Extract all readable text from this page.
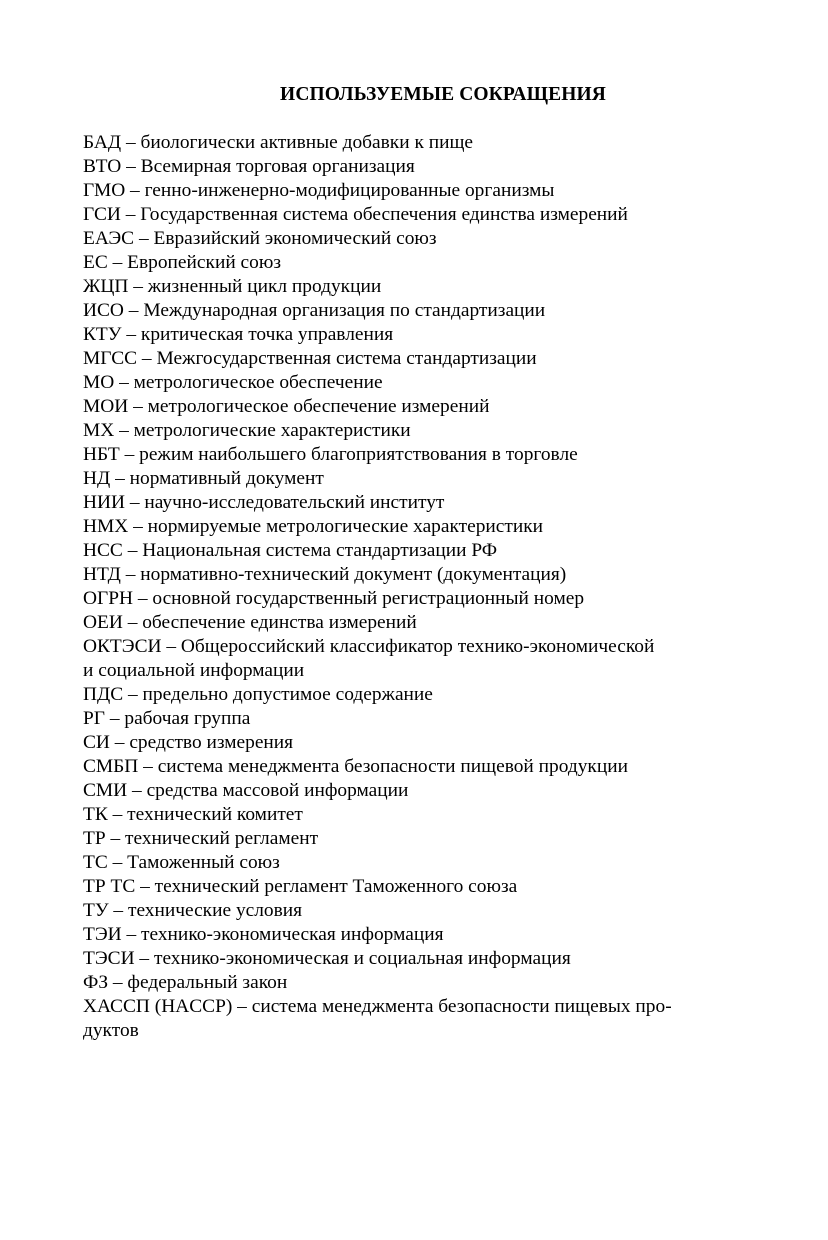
ИСПОЛЬЗУЕМЫЕ СОКРАЩЕНИЯ
БАД – биологически активные добавки к пище
ВТО – Всемирная торговая организация
ГМО – генно-инженерно-модифицированные организмы
ГСИ – Государственная система обеспечения единства измерений
ЕАЭС – Евразийский экономический союз
ЕС – Европейский союз
ЖЦП – жизненный цикл продукции
ИСО – Международная организация по стандартизации
КТУ – критическая точка управления
МГСС – Межгосударственная система стандартизации
МО – метрологическое обеспечение
МОИ – метрологическое обеспечение измерений
МХ – метрологические характеристики
НБТ – режим наибольшего благоприятствования в торговле
НД – нормативный документ
НИИ – научно-исследовательский институт
НМХ – нормируемые метрологические характеристики
НСС – Национальная система стандартизации РФ
НТД – нормативно-технический документ (документация)
ОГРН – основной государственный регистрационный номер
ОЕИ – обеспечение единства измерений
ОКТЭСИ – Общероссийский классификатор технико-экономической
и социальной информации
ПДС – предельно допустимое содержание
РГ – рабочая группа
СИ – средство измерения
СМБП – система менеджмента безопасности пищевой продукции
СМИ – средства массовой информации
ТК – технический комитет
ТР – технический регламент
ТС – Таможенный союз
ТР ТС – технический регламент Таможенного союза
ТУ – технические условия
ТЭИ – технико-экономическая информация
ТЭСИ – технико-экономическая и социальная информация
ФЗ – федеральный закон
ХАССП (HACCP) – система менеджмента безопасности пищевых про-
дуктов
